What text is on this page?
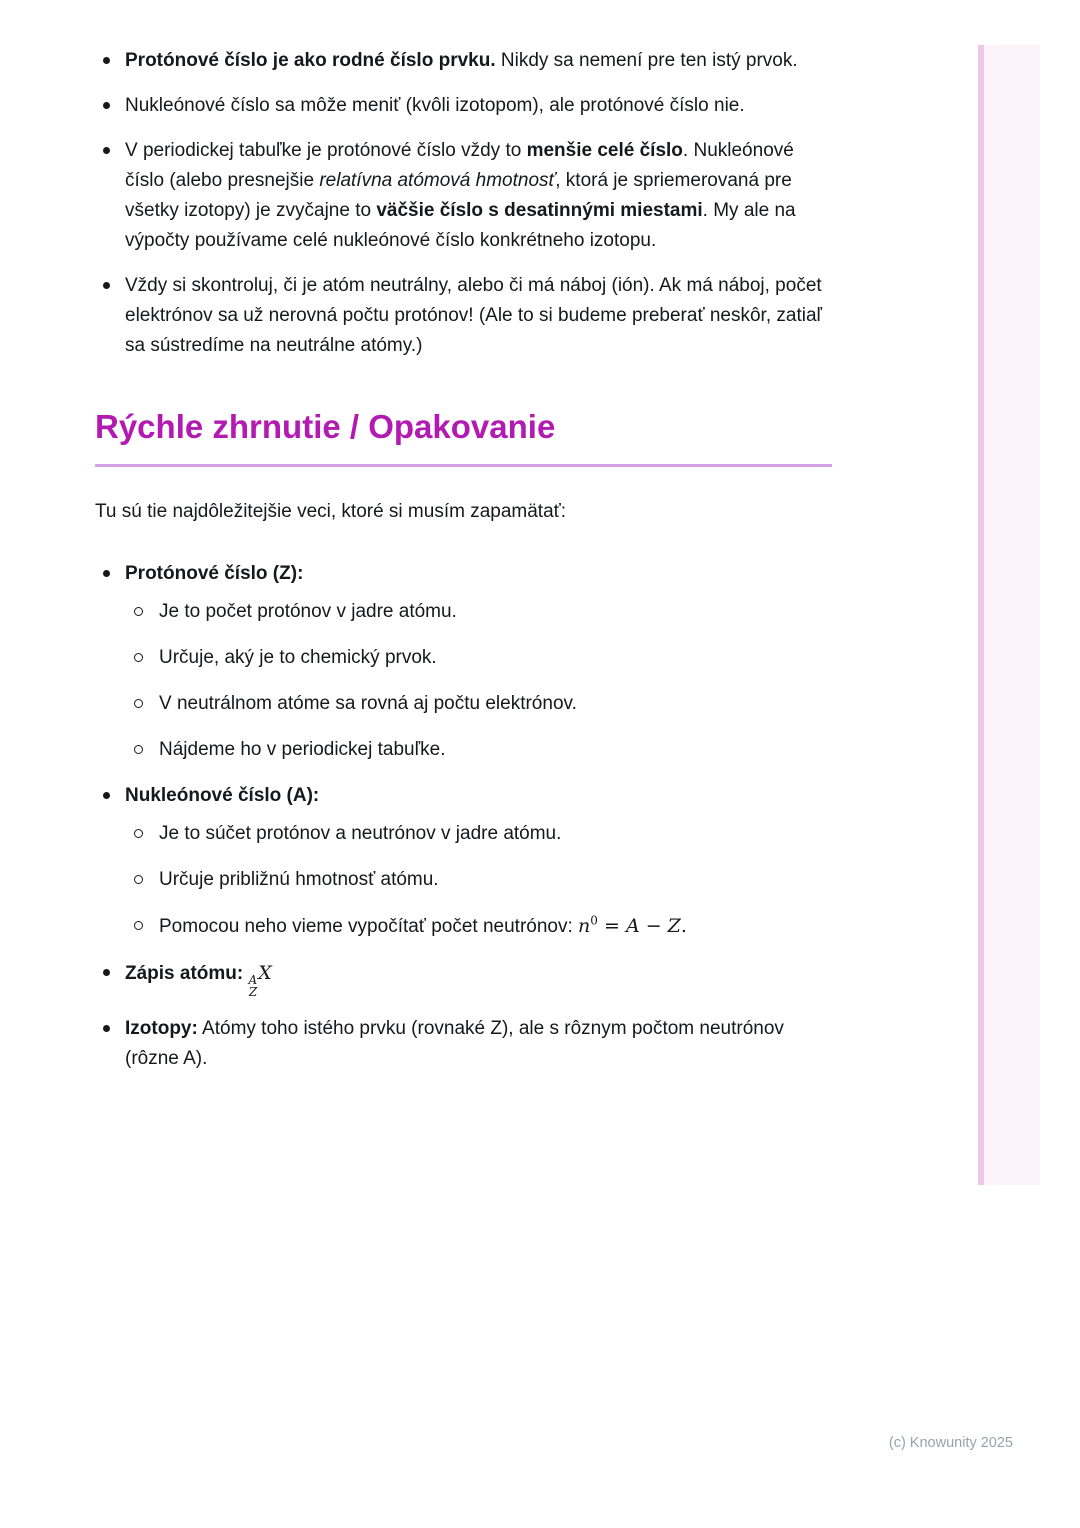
Protónové číslo je ako rodné číslo prvku. Nikdy sa nemení pre ten istý prvok.
Nukleónové číslo sa môže meniť (kvôli izotopom), ale protónové číslo nie.
V periodickej tabuľke je protónové číslo vždy to menšie celé číslo. Nukleónové číslo (alebo presnejšie relatívna atómová hmotnosť, ktorá je spriemerovaná pre všetky izotopy) je zvyčajne to väčšie číslo s desatinnými miestami. My ale na výpočty používame celé nukleónové číslo konkrétneho izotopu.
Vždy si skontroluj, či je atóm neutrálny, alebo či má náboj (ión). Ak má náboj, počet elektrónov sa už nerovná počtu protónov! (Ale to si budeme preberať neskôr, zatiaľ sa sústredíme na neutrálne atómy.)
Rýchle zhrnutie / Opakovanie

Tu sú tie najdôležitejšie veci, ktoré si musím zapamätať:

Protónové číslo (Z):
Je to počet protónov v jadre atómu.
Určuje, aký je to chemický prvok.
V neutrálnom atóme sa rovná aj počtu elektrónov.
Nájdeme ho v periodickej tabuľke.
Nukleónové číslo (A):
Je to súčet protónov a neutrónov v jadre atómu.
Určuje približnú hmotnosť atómu.
Pomocou neho vieme vypočítať počet neutrónov: $n^0 = A - Z$.
Zápis atómu: A
Z
X
Izotopy: Atómy toho istého prvku (rovnaké Z), ale s rôznym počtom neutrónov (rôzne A).
(c) Knowunity 2025
